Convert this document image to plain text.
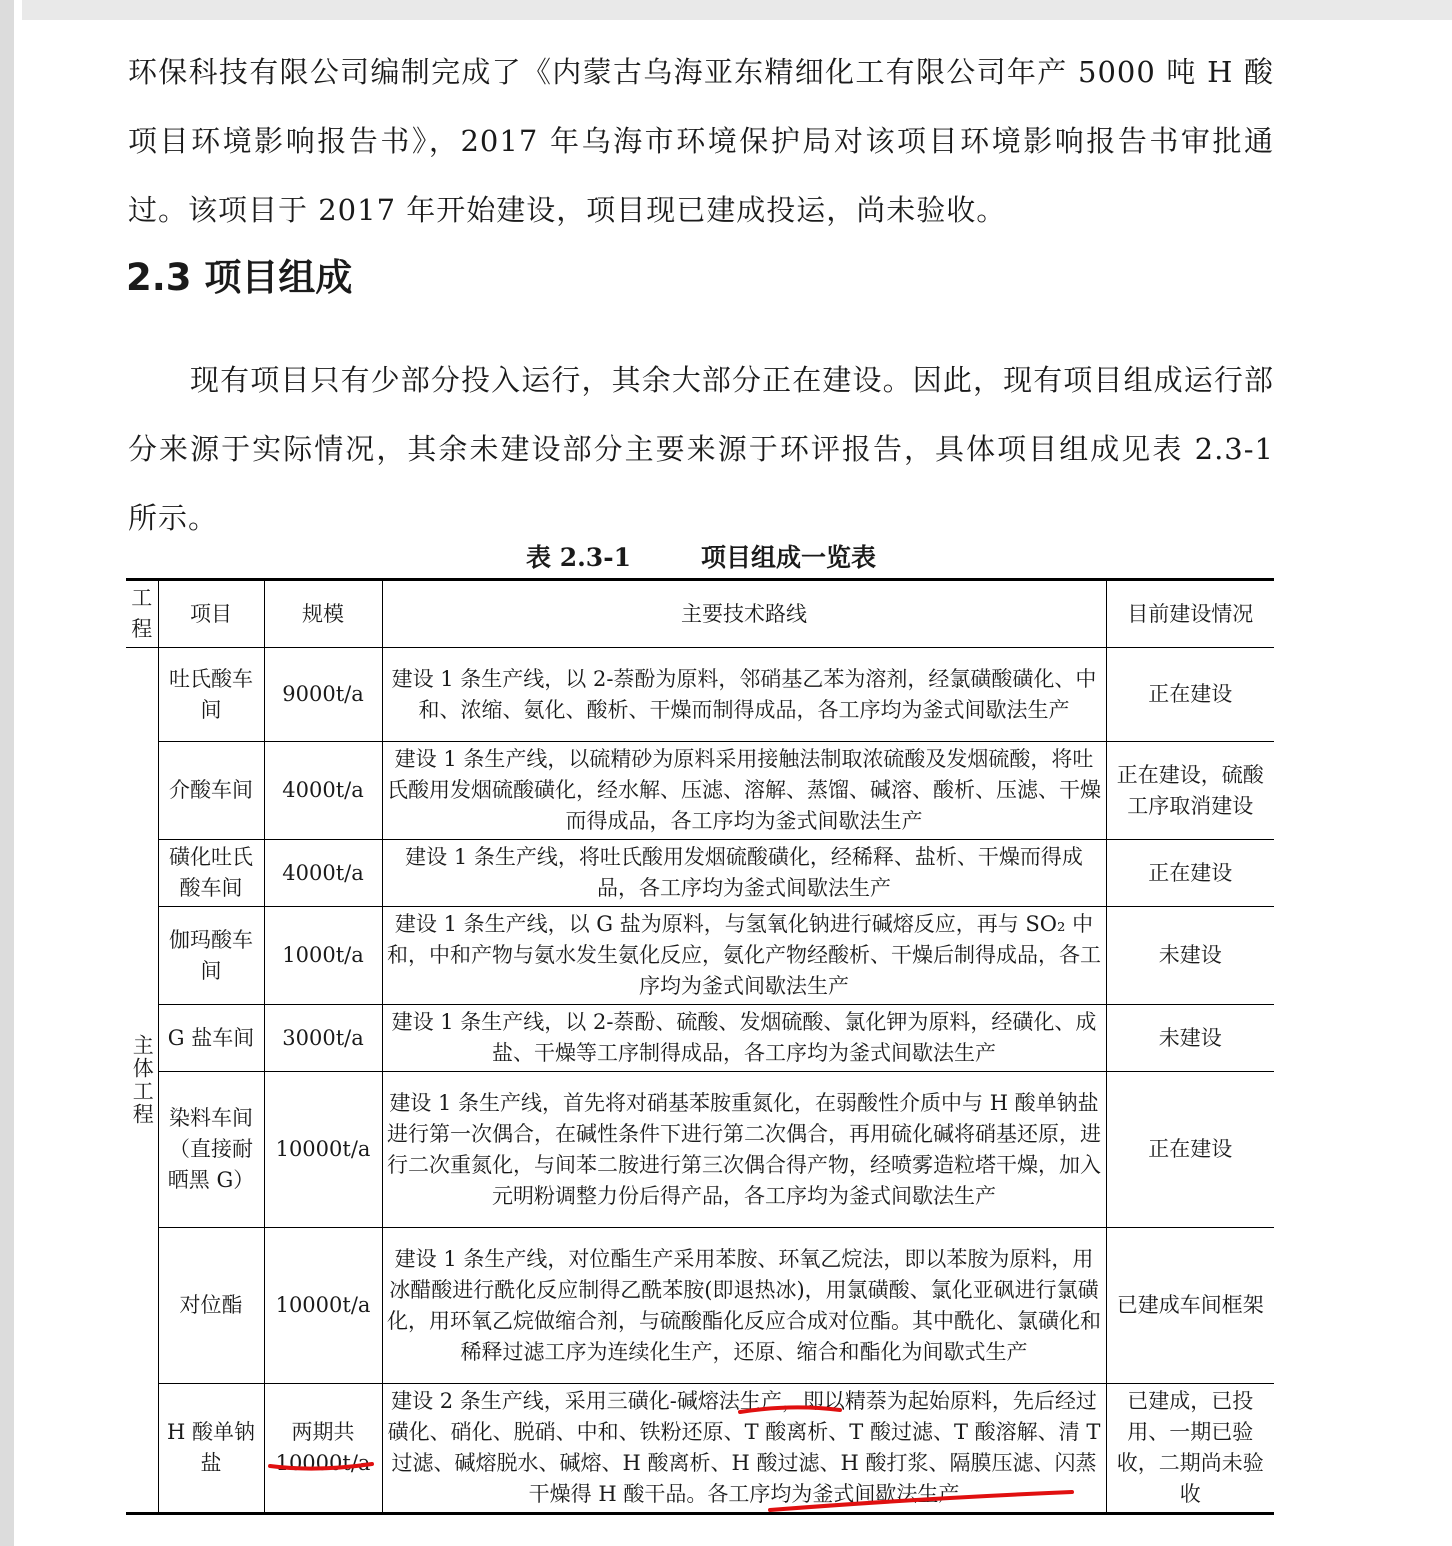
环保科技有限公司编制完成了《内蒙古乌海亚东精细化工有限公司年产 5000 吨 H 酸项目环境影响报告书》，2017 年乌海市环境保护局对该项目环境影响报告书审批通过。该项目于 2017 年开始建设，项目现已建成投运，尚未验收。

2.3 项目组成

现有项目只有少部分投入运行，其余大部分正在建设。因此，现有项目组成运行部分来源于实际情况，其余未建设部分主要来源于环评报告，具体项目组成见表 2.3-1 所示。

表 2.3-1	项目组成一览表
工程	项目	规模	主要技术路线	目前建设情况
主体工程	吐氏酸车间	9000t/a	建设 1 条生产线，以 2-萘酚为原料，邻硝基乙苯为溶剂，经氯磺酸磺化、中和、浓缩、氨化、酸析、干燥而制得成品，各工序均为釜式间歇法生产	正在建设
	介酸车间	4000t/a	建设 1 条生产线，以硫精砂为原料采用接触法制取浓硫酸及发烟硫酸，将吐氏酸用发烟硫酸磺化，经水解、压滤、溶解、蒸馏、碱溶、酸析、压滤、干燥而得成品，各工序均为釜式间歇法生产	正在建设，硫酸工序取消建设
	磺化吐氏酸车间	4000t/a	建设 1 条生产线，将吐氏酸用发烟硫酸磺化，经稀释、盐析、干燥而得成品，各工序均为釜式间歇法生产	正在建设
	伽玛酸车间	1000t/a	建设 1 条生产线，以 G 盐为原料，与氢氧化钠进行碱熔反应，再与 SO₂ 中和，中和产物与氨水发生氨化反应，氨化产物经酸析、干燥后制得成品，各工序均为釜式间歇法生产	未建设
	G 盐车间	3000t/a	建设 1 条生产线，以 2-萘酚、硫酸、发烟硫酸、氯化钾为原料，经磺化、成盐、干燥等工序制得成品，各工序均为釜式间歇法生产	未建设
	染料车间（直接耐晒黑 G）	10000t/a	建设 1 条生产线，首先将对硝基苯胺重氮化，在弱酸性介质中与 H 酸单钠盐进行第一次偶合，在碱性条件下进行第二次偶合，再用硫化碱将硝基还原，进行二次重氮化，与间苯二胺进行第三次偶合得产物，经喷雾造粒塔干燥，加入元明粉调整力份后得产品，各工序均为釜式间歇法生产	正在建设
	对位酯	10000t/a	建设 1 条生产线，对位酯生产采用苯胺、环氧乙烷法，即以苯胺为原料，用冰醋酸进行酰化反应制得乙酰苯胺(即退热冰)，用氯磺酸、氯化亚砜进行氯磺化，用环氧乙烷做缩合剂，与硫酸酯化反应合成对位酯。其中酰化、氯磺化和稀释过滤工序为连续化生产，还原、缩合和酯化为间歇式生产	已建成车间框架
	H 酸单钠盐	两期共 10000t/a	建设 2 条生产线，采用三磺化-碱熔法生产，即以精萘为起始原料，先后经过磺化、硝化、脱硝、中和、铁粉还原、T 酸离析、T 酸过滤、T 酸溶解、清 T 过滤、碱熔脱水、碱熔、H 酸离析、H 酸过滤、H 酸打浆、隔膜压滤、闪蒸干燥得 H 酸干品。各工序均为釜式间歇法生产	已建成，已投用、一期已验收，二期尚未验收
